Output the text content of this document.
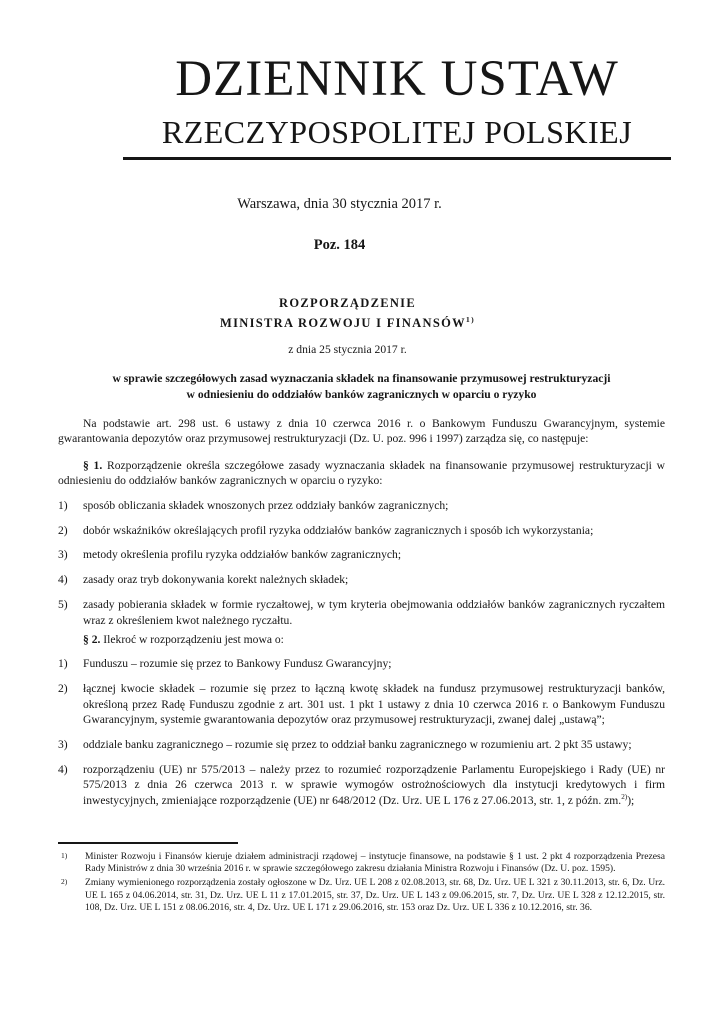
DZIENNIK USTAW
RZECZYPOSPOLITEJ POLSKIEJ
Warszawa, dnia 30 stycznia 2017 r.
Poz. 184
ROZPORZĄDZENIE
MINISTRA ROZWOJU I FINANSÓW$^{1)}$
z dnia 25 stycznia 2017 r.
w sprawie szczegółowych zasad wyznaczania składek na finansowanie przymusowej restrukturyzacji
w odniesieniu do oddziałów banków zagranicznych w oparciu o ryzyko

Na podstawie art. 298 ust. 6 ustawy z dnia 10 czerwca 2016 r. o Bankowym Funduszu Gwarancyjnym, systemie gwarantowania depozytów oraz przymusowej restrukturyzacji (Dz. U. poz. 996 i 1997) zarządza się, co następuje:

§ 1. Rozporządzenie określa szczegółowe zasady wyznaczania składek na finansowanie przymusowej restrukturyzacji w odniesieniu do oddziałów banków zagranicznych w oparciu o ryzyko:

1) sposób obliczania składek wnoszonych przez oddziały banków zagranicznych;
2) dobór wskaźników określających profil ryzyka oddziałów banków zagranicznych i sposób ich wykorzystania;
3) metody określenia profilu ryzyka oddziałów banków zagranicznych;
4) zasady oraz tryb dokonywania korekt należnych składek;
5) zasady pobierania składek w formie ryczałtowej, w tym kryteria obejmowania oddziałów banków zagranicznych ryczałtem wraz z określeniem kwot należnego ryczałtu.

§ 2. Ilekroć w rozporządzeniu jest mowa o:

1) Funduszu – rozumie się przez to Bankowy Fundusz Gwarancyjny;
2) łącznej kwocie składek – rozumie się przez to łączną kwotę składek na fundusz przymusowej restrukturyzacji banków, określoną przez Radę Funduszu zgodnie z art. 301 ust. 1 pkt 1 ustawy z dnia 10 czerwca 2016 r. o Bankowym Funduszu Gwarancyjnym, systemie gwarantowania depozytów oraz przymusowej restrukturyzacji, zwanej dalej „ustawą”;
3) oddziale banku zagranicznego – rozumie się przez to oddział banku zagranicznego w rozumieniu art. 2 pkt 35 ustawy;
4) rozporządzeniu (UE) nr 575/2013 – należy przez to rozumieć rozporządzenie Parlamentu Europejskiego i Rady (UE) nr 575/2013 z dnia 26 czerwca 2013 r. w sprawie wymogów ostrożnościowych dla instytucji kredytowych i firm inwestycyjnych, zmieniające rozporządzenie (UE) nr 648/2012 (Dz. Urz. UE L 176 z 27.06.2013, str. 1, z późn. zm.$^{2)}$);
1) Minister Rozwoju i Finansów kieruje działem administracji rządowej – instytucje finansowe, na podstawie § 1 ust. 2 pkt 4 rozporządzenia Prezesa Rady Ministrów z dnia 30 września 2016 r. w sprawie szczegółowego zakresu działania Ministra Rozwoju i Finansów (Dz. U. poz. 1595).
2) Zmiany wymienionego rozporządzenia zostały ogłoszone w Dz. Urz. UE L 208 z 02.08.2013, str. 68, Dz. Urz. UE L 321 z 30.11.2013, str. 6, Dz. Urz. UE L 165 z 04.06.2014, str. 31, Dz. Urz. UE L 11 z 17.01.2015, str. 37, Dz. Urz. UE L 143 z 09.06.2015, str. 7, Dz. Urz. UE L 328 z 12.12.2015, str. 108, Dz. Urz. UE L 151 z 08.06.2016, str. 4, Dz. Urz. UE L 171 z 29.06.2016, str. 153 oraz Dz. Urz. UE L 336 z 10.12.2016, str. 36.
